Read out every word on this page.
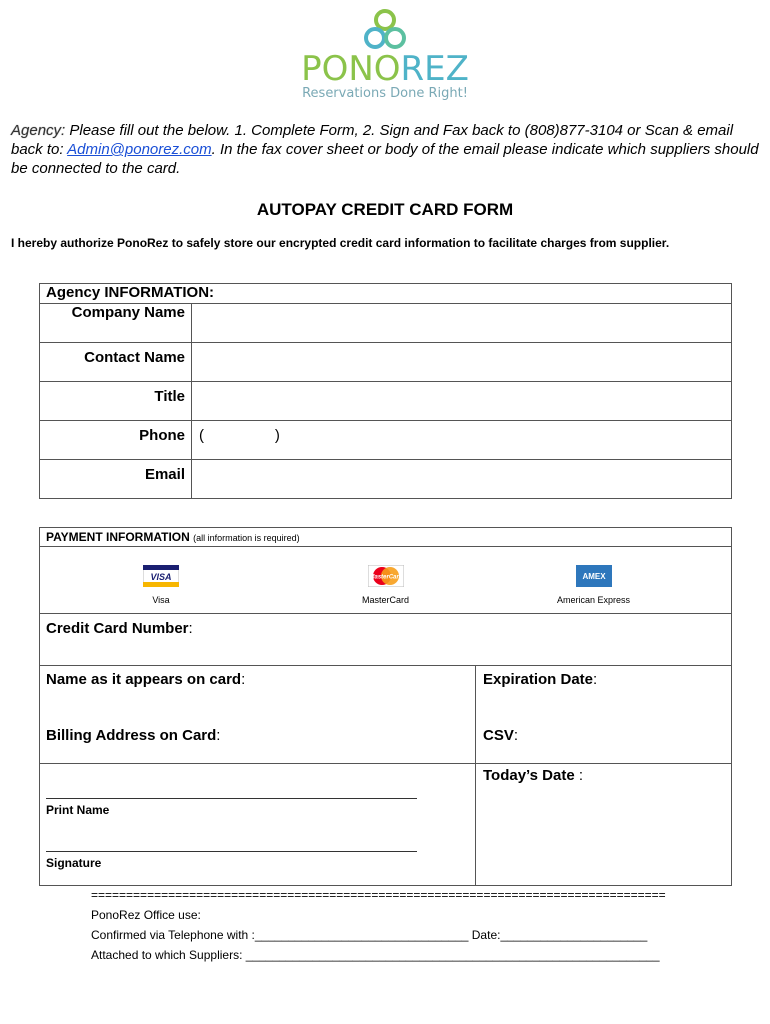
PONOREZ
Reservations Done Right!
Agency: Please fill out the below. 1. Complete Form, 2. Sign and Fax back to (808)877-3104 or Scan & email back to: Admin@ponorez.com. In the fax cover sheet or body of the email please indicate which suppliers should be connected to the card.
AUTOPAY CREDIT CARD FORM
I hereby authorize PonoRez to safely store our encrypted credit card information to facilitate charges from supplier.
Agency INFORMATION:	
Company Name	
Contact Name	
Title	
Phone	(                 )
Email	
PAYMENT INFORMATION (all information is required)
VISA
Visa
MasterCard
MasterCard
AMEX
American Express
Credit Card Number:
Name as it appears on card:	Expiration Date:
Billing Address on Card:	CSV:
Print Name
Signature
Today’s Date :
==================================================================================
PonoRez Office use:
Confirmed via Telephone with :________________________________ Date:______________________
Attached to which Suppliers: ______________________________________________________________
